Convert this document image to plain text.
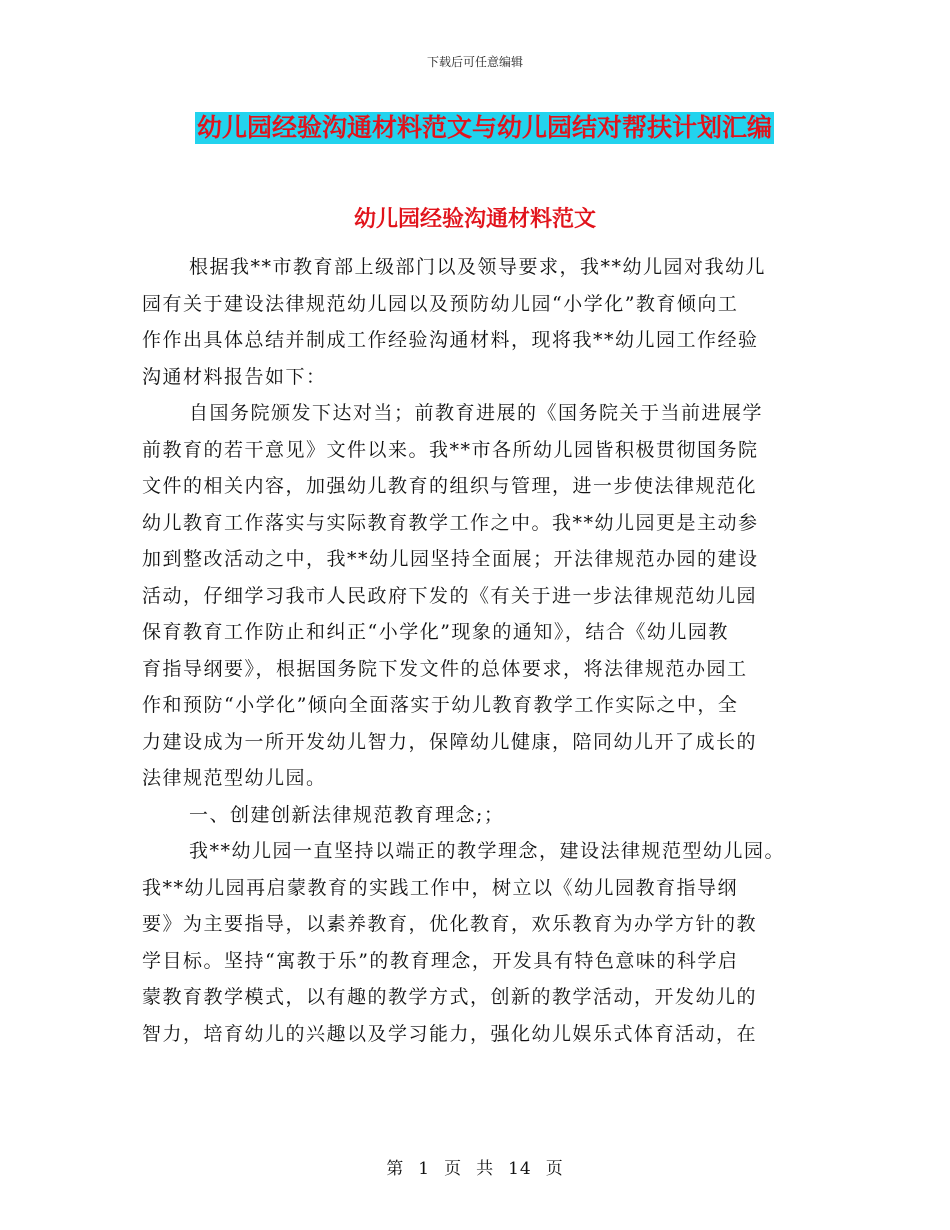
下载后可任意编辑
幼儿园经验沟通材料范文与幼儿园结对帮扶计划汇编
幼儿园经验沟通材料范文
根据我**市教育部上级部门以及领导要求，我**幼儿园对我幼儿
园有关于建设法律规范幼儿园以及预防幼儿园“小学化”教育倾向工
作作出具体总结并制成工作经验沟通材料，现将我**幼儿园工作经验
沟通材料报告如下：
自国务院颁发下达对当；前教育进展的《国务院关于当前进展学
前教育的若干意见》文件以来。我**市各所幼儿园皆积极贯彻国务院
文件的相关内容，加强幼儿教育的组织与管理，进一步使法律规范化
幼儿教育工作落实与实际教育教学工作之中。我**幼儿园更是主动参
加到整改活动之中，我**幼儿园坚持全面展；开法律规范办园的建设
活动，仔细学习我市人民政府下发的《有关于进一步法律规范幼儿园
保育教育工作防止和纠正“小学化”现象的通知》，结合《幼儿园教
育指导纲要》，根据国务院下发文件的总体要求，将法律规范办园工
作和预防“小学化”倾向全面落实于幼儿教育教学工作实际之中，全
力建设成为一所开发幼儿智力，保障幼儿健康，陪同幼儿开了成长的
法律规范型幼儿园。
一、创建创新法律规范教育理念;；
我**幼儿园一直坚持以端正的教学理念，建设法律规范型幼儿园。
我**幼儿园再启蒙教育的实践工作中，树立以《幼儿园教育指导纲
要》为主要指导，以素养教育，优化教育，欢乐教育为办学方针的教
学目标。坚持“寓教于乐”的教育理念，开发具有特色意味的科学启
蒙教育教学模式，以有趣的教学方式，创新的教学活动，开发幼儿的
智力，培育幼儿的兴趣以及学习能力，强化幼儿娱乐式体育活动，在
第 1 页 共 14 页
